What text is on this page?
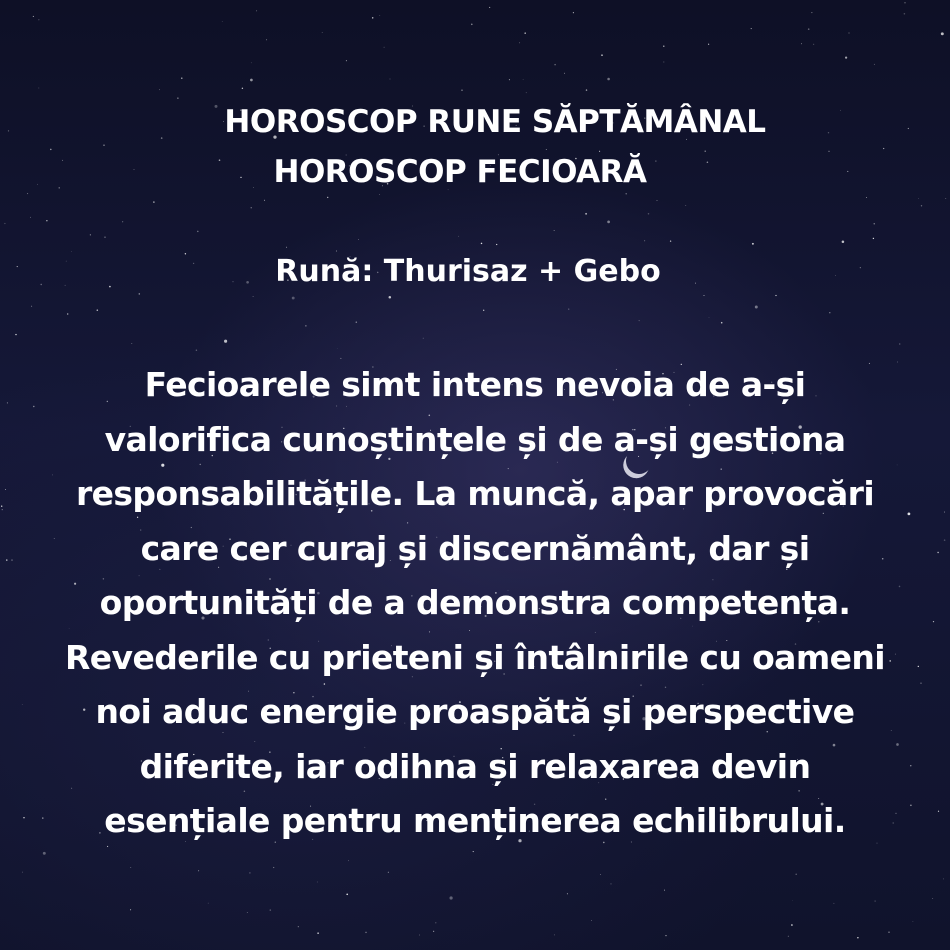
HOROSCOP RUNE SĂPTĂMÂNAL
HOROSCOP FECIOARĂ
Rună: Thurisaz + Gebo
Fecioarele simt intens nevoia de a-și
valorifica cunoștințele și de a-și gestiona
responsabilitățile. La muncă, apar provocări
care cer curaj și discernământ, dar și
oportunități de a demonstra competența.
Revederile cu prieteni și întâlnirile cu oameni
noi aduc energie proaspătă și perspective
diferite, iar odihna și relaxarea devin
esențiale pentru menținerea echilibrului.
